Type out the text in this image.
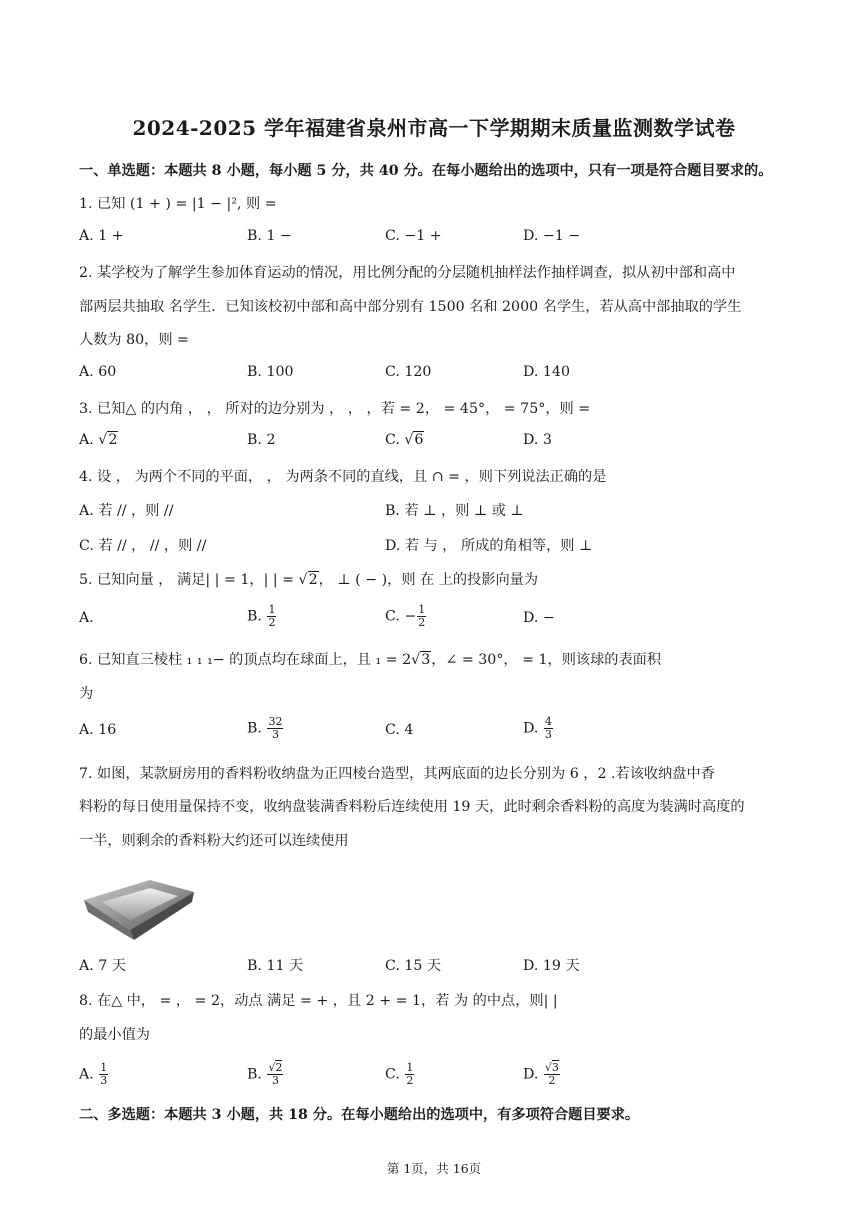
2024-2025 学年福建省泉州市高一下学期期末质量监测数学试卷
一、单选题：本题共 8 小题，每小题 5 分，共 40 分。在每小题给出的选项中，只有一项是符合题目要求的。
1. 已知 (1 + ) = |1 − |², 则 =
A. 1 +	B. 1 −	C. −1 +	D. −1 −
2. 某学校为了解学生参加体育运动的情况，用比例分配的分层随机抽样法作抽样调查，拟从初中部和高中
部两层共抽取 名学生．已知该校初中部和高中部分别有 1500 名和 2000 名学生，若从高中部抽取的学生
人数为 80，则 =
A. 60	B. 100	C. 120	D. 140
3. 已知△ 的内角 ， ， 所对的边分别为 ， ， ，若 = 2， = 45°， = 75°，则 =
A. √2	B. 2	C. √6	D. 3
4. 设 ， 为两个不同的平面， ， 为两条不同的直线，且 ∩ = ，则下列说法正确的是
A. 若 // ，则 //	B. 若 ⊥ ，则 ⊥ 或 ⊥
C. 若 // ， // ，则 //	D. 若 与 ， 所成的角相等，则 ⊥
5. 已知向量 ， 满足| | = 1，| | = √2， ⊥ ( − )，则 在 上的投影向量为
A.	B. $\frac{1}{2}$	C. − $\frac{1}{2}$	D. −
6. 已知直三棱柱 ₁ ₁ ₁− 的顶点均在球面上，且 ₁ = 2√3，∠ = 30°， = 1，则该球的表面积
为
A. 16	B. $\frac{32}{3}$	C. 4	D. $\frac{4}{3}$
7. 如图，某款厨房用的香料粉收纳盘为正四棱台造型，其两底面的边长分别为 6 ，2 .若该收纳盘中香
料粉的每日使用量保持不变，收纳盘装满香料粉后连续使用 19 天，此时剩余香料粉的高度为装满时高度的
一半，则剩余的香料粉大约还可以连续使用
A. 7 天	B. 11 天	C. 15 天	D. 19 天
8. 在△ 中， = ， = 2，动点 满足 = + ，且 2 + = 1，若 为 的中点，则| |
的最小值为
A. $\frac{1}{3}$	B. $\frac{√2}{3}$	C. $\frac{1}{2}$	D. $\frac{√3}{2}$
二、多选题：本题共 3 小题，共 18 分。在每小题给出的选项中，有多项符合题目要求。
第 1页，共 16页
